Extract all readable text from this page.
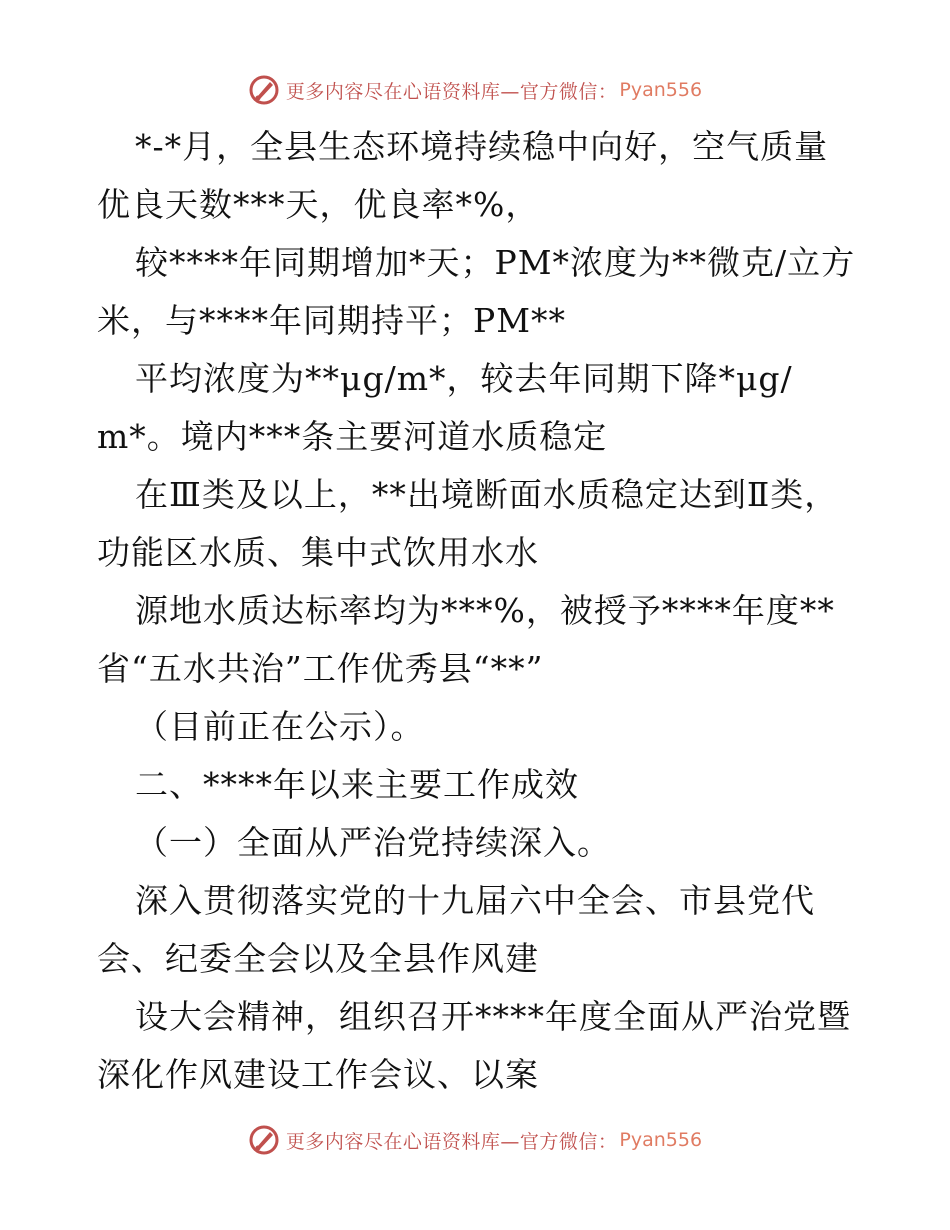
更多内容尽在心语资料库—官方微信： Pyan556
*-*月，全县生态环境持续稳中向好，空气质量
优良天数***天，优良率*%，
较****年同期增加*天；PM*浓度为**微克/立方
米，与****年同期持平；PM**
平均浓度为**μg/m*，较去年同期下降*μg/
m*。境内***条主要河道水质稳定
在Ⅲ类及以上，**出境断面水质稳定达到Ⅱ类，
功能区水质、集中式饮用水水
源地水质达标率均为***%，被授予****年度**
省“五水共治”工作优秀县“**”
（目前正在公示）。
二、****年以来主要工作成效
（一）全面从严治党持续深入。
深入贯彻落实党的十九届六中全会、市县党代
会、纪委全会以及全县作风建
设大会精神，组织召开****年度全面从严治党暨
深化作风建设工作会议、以案
更多内容尽在心语资料库—官方微信： Pyan556
